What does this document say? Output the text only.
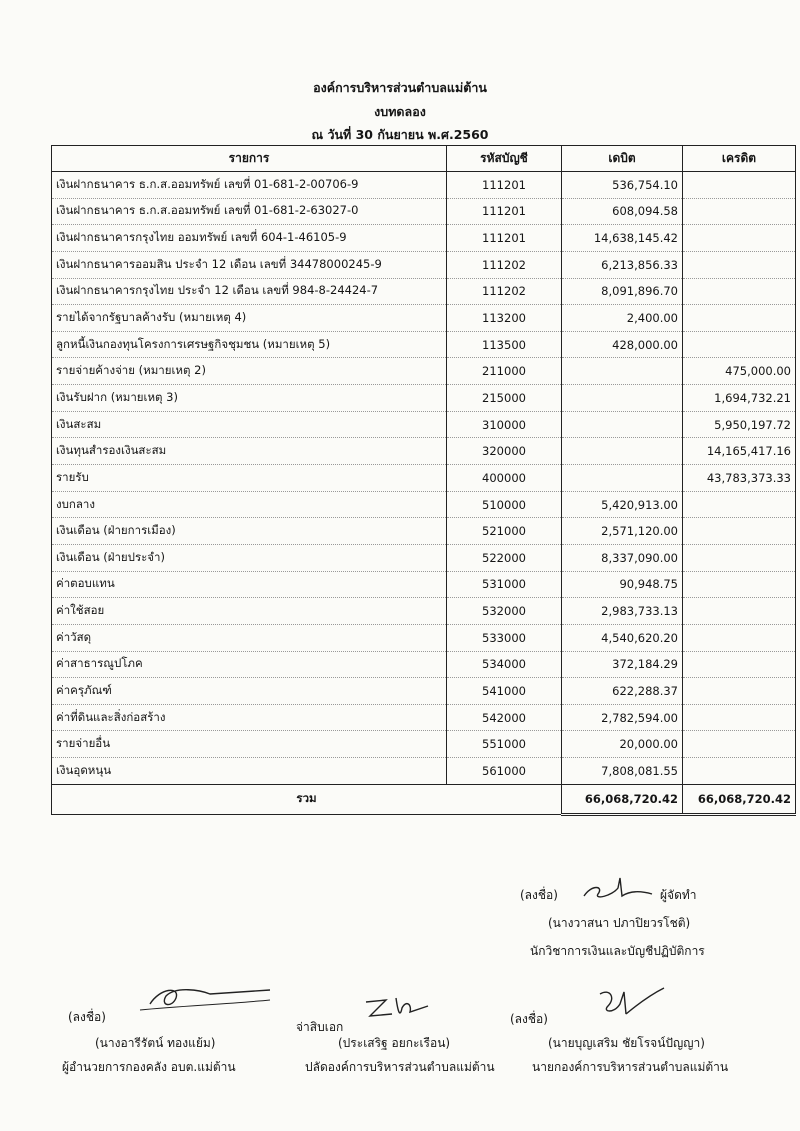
องค์การบริหารส่วนตำบลแม่ต้าน
งบทดลอง
ณ วันที่ 30 กันยายน พ.ศ.2560
รายการ	รหัสบัญชี	เดบิต	เครดิต
เงินฝากธนาคาร ธ.ก.ส.ออมทรัพย์ เลขที่ 01-681-2-00706-9	111201	536,754.10	
เงินฝากธนาคาร ธ.ก.ส.ออมทรัพย์ เลขที่ 01-681-2-63027-0	111201	608,094.58	
เงินฝากธนาคารกรุงไทย ออมทรัพย์ เลขที่ 604-1-46105-9	111201	14,638,145.42	
เงินฝากธนาคารออมสิน ประจำ 12 เดือน เลขที่ 34478000245-9	111202	6,213,856.33	
เงินฝากธนาคารกรุงไทย ประจำ 12 เดือน เลขที่ 984-8-24424-7	111202	8,091,896.70	
รายได้จากรัฐบาลค้างรับ (หมายเหตุ 4)	113200	2,400.00	
ลูกหนี้เงินกองทุนโครงการเศรษฐกิจชุมชน (หมายเหตุ 5)	113500	428,000.00	
รายจ่ายค้างจ่าย (หมายเหตุ 2)	211000		475,000.00
เงินรับฝาก (หมายเหตุ 3)	215000		1,694,732.21
เงินสะสม	310000		5,950,197.72
เงินทุนสำรองเงินสะสม	320000		14,165,417.16
รายรับ	400000		43,783,373.33
งบกลาง	510000	5,420,913.00	
เงินเดือน (ฝ่ายการเมือง)	521000	2,571,120.00	
เงินเดือน (ฝ่ายประจำ)	522000	8,337,090.00	
ค่าตอบแทน	531000	90,948.75	
ค่าใช้สอย	532000	2,983,733.13	
ค่าวัสดุ	533000	4,540,620.20	
ค่าสาธารณูปโภค	534000	372,184.29	
ค่าครุภัณฑ์	541000	622,288.37	
ค่าที่ดินและสิ่งก่อสร้าง	542000	2,782,594.00	
รายจ่ายอื่น	551000	20,000.00	
เงินอุดหนุน	561000	7,808,081.55	
รวม		66,068,720.42	66,068,720.42
(ลงชื่อ)	ผู้จัดทำ
(นางวาสนา ปภาปิยวรโชติ)
นักวิชาการเงินและบัญชีปฏิบัติการ
(ลงชื่อ)
(นางอารีรัตน์ ทองแย้ม)
ผู้อำนวยการกองคลัง อบต.แม่ต้าน
จ่าสิบเอก
(ประเสริฐ อยกะเรือน)
ปลัดองค์การบริหารส่วนตำบลแม่ต้าน
(ลงชื่อ)
(นายบุญเสริม ชัยโรจน์ปัญญา)
นายกองค์การบริหารส่วนตำบลแม่ต้าน
